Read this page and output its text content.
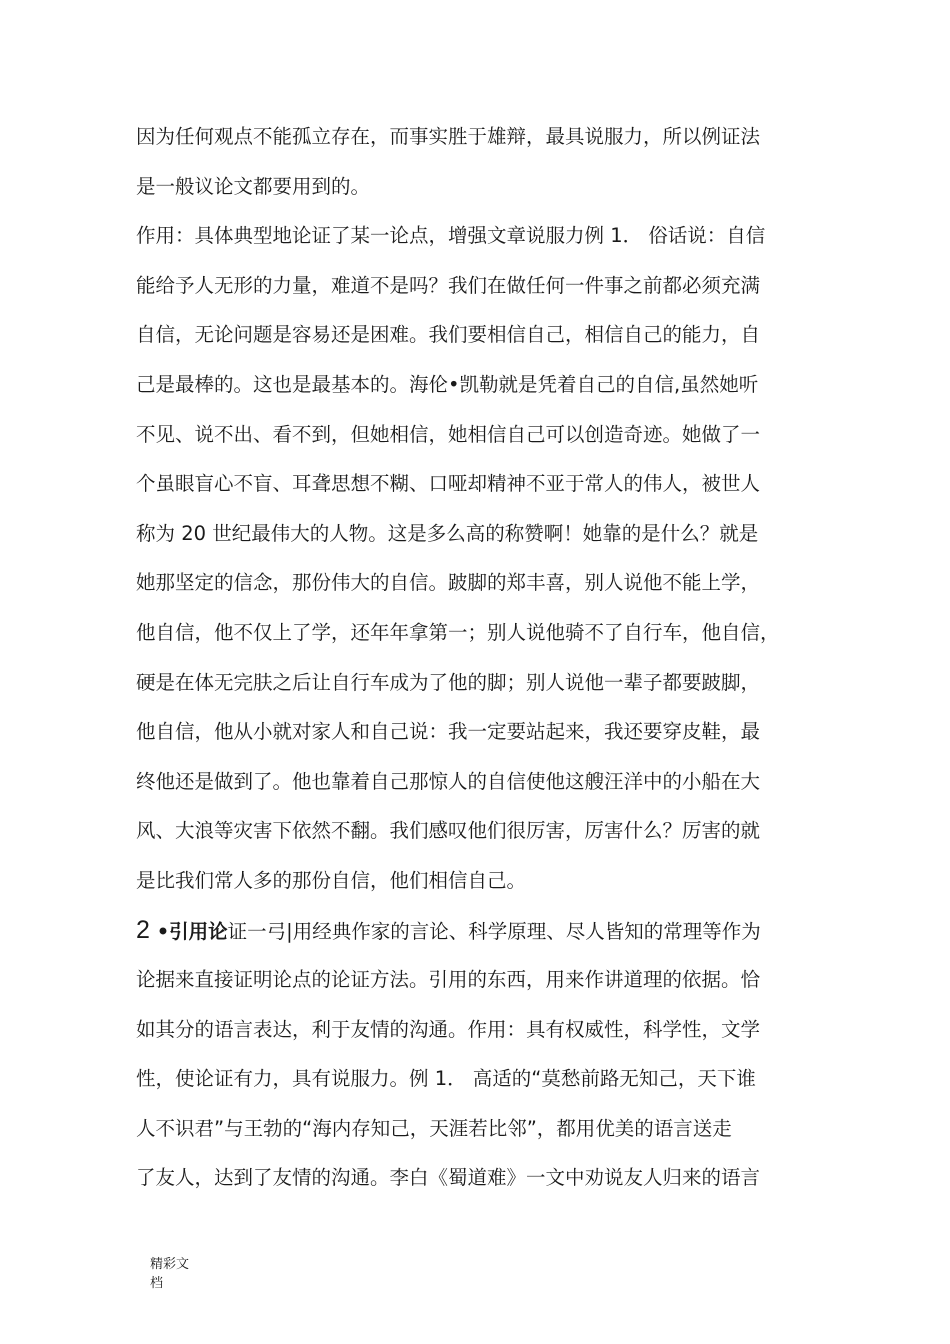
因为任何观点不能孤立存在，而事实胜于雄辩，最具说服力，所以例证法
是一般议论文都要用到的。
作用：具体典型地论证了某一论点，增强文章说服力例 1． 俗话说：自信
能给予人无形的力量，难道不是吗？我们在做任何一件事之前都必须充满
自信，无论问题是容易还是困难。我们要相信自己，相信自己的能力，自
己是最棒的。这也是最基本的。海伦•凯勒就是凭着自己的自信,虽然她听
不见、说不出、看不到，但她相信，她相信自己可以创造奇迹。她做了一
个虽眼盲心不盲、耳聋思想不糊、口哑却精神不亚于常人的伟人，被世人
称为 20 世纪最伟大的人物。这是多么高的称赞啊！她靠的是什么？就是
她那坚定的信念，那份伟大的自信。跛脚的郑丰喜，别人说他不能上学，
他自信，他不仅上了学，还年年拿第一；别人说他骑不了自行车，他自信，
硬是在体无完肤之后让自行车成为了他的脚；别人说他一辈子都要跛脚，
他自信，他从小就对家人和自己说：我一定要站起来，我还要穿皮鞋，最
终他还是做到了。他也靠着自己那惊人的自信使他这艘汪洋中的小船在大
风、大浪等灾害下依然不翻。我们感叹他们很厉害，厉害什么？厉害的就
是比我们常人多的那份自信，他们相信自己。
2 •引用论证一弓|用经典作家的言论、科学原理、尽人皆知的常理等作为
论据来直接证明论点的论证方法。引用的东西，用来作讲道理的依据。恰
如其分的语言表达，利于友情的沟通。作用：具有权威性，科学性，文学
性，使论证有力，具有说服力。例 1． 高适的“莫愁前路无知己，天下谁
人不识君”与王勃的“海内存知己，天涯若比邻”，都用优美的语言送走
了友人，达到了友情的沟通。李白《蜀道难》一文中劝说友人归来的语言
精彩文
档
